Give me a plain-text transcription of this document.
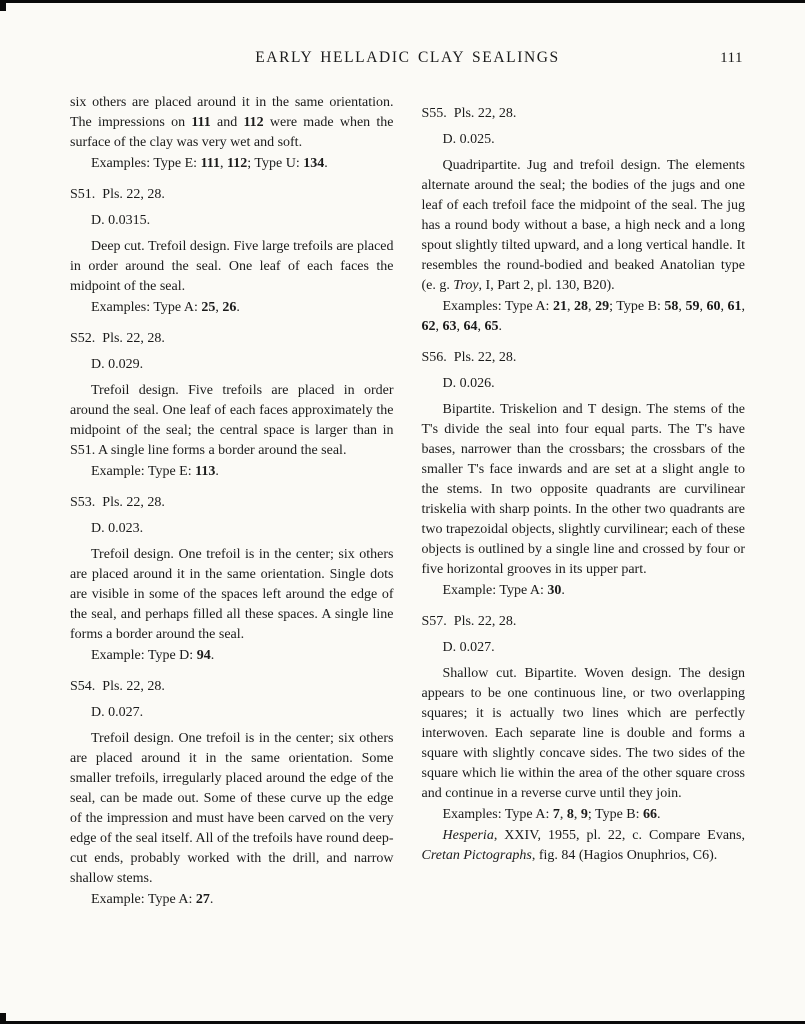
EARLY HELLADIC CLAY SEALINGS	111

six others are placed around it in the same orientation. The impressions on 111 and 112 were made when the surface of the clay was very wet and soft.

Examples: Type E: 111, 112; Type U: 134.

S51.  Pls. 22, 28.

D. 0.0315.

Deep cut. Trefoil design. Five large trefoils are placed in order around the seal. One leaf of each faces the midpoint of the seal.

Examples: Type A: 25, 26.

S52.  Pls. 22, 28.

D. 0.029.

Trefoil design. Five trefoils are placed in order around the seal. One leaf of each faces approximately the midpoint of the seal; the central space is larger than in S51. A single line forms a border around the seal.

Example: Type E: 113.

S53.  Pls. 22, 28.

D. 0.023.

Trefoil design. One trefoil is in the center; six others are placed around it in the same orientation. Single dots are visible in some of the spaces left around the edge of the seal, and perhaps filled all these spaces. A single line forms a border around the seal.

Example: Type D: 94.

S54.  Pls. 22, 28.

D. 0.027.

Trefoil design. One trefoil is in the center; six others are placed around it in the same orientation. Some smaller trefoils, irregularly placed around the edge of the seal, can be made out. Some of these curve up the edge of the impression and must have been carved on the very edge of the seal itself. All of the trefoils have round deep-cut ends, probably worked with the drill, and narrow shallow stems.

Example: Type A: 27.

S55.  Pls. 22, 28.

D. 0.025.

Quadripartite. Jug and trefoil design. The elements alternate around the seal; the bodies of the jugs and one leaf of each trefoil face the midpoint of the seal. The jug has a round body without a base, a high neck and a long spout slightly tilted upward, and a long vertical handle. It resembles the round-bodied and beaked Anatolian type (e. g. Troy, I, Part 2, pl. 130, B20).

Examples: Type A: 21, 28, 29; Type B: 58, 59, 60, 61, 62, 63, 64, 65.

S56.  Pls. 22, 28.

D. 0.026.

Bipartite. Triskelion and T design. The stems of the T's divide the seal into four equal parts. The T's have bases, narrower than the crossbars; the crossbars of the smaller T's face inwards and are set at a slight angle to the stems. In two opposite quadrants are curvilinear triskelia with sharp points. In the other two quadrants are two trapezoidal objects, slightly curvilinear; each of these objects is outlined by a single line and crossed by four or five horizontal grooves in its upper part.

Example: Type A: 30.

S57.  Pls. 22, 28.

D. 0.027.

Shallow cut. Bipartite. Woven design. The design appears to be one continuous line, or two overlapping squares; it is actually two lines which are perfectly interwoven. Each separate line is double and forms a square with slightly concave sides. The two sides of the square which lie within the area of the other square cross and continue in a reverse curve until they join.

Examples: Type A: 7, 8, 9; Type B: 66.

Hesperia, XXIV, 1955, pl. 22, c. Compare Evans, Cretan Pictographs, fig. 84 (Hagios Onuphrios, C6).
